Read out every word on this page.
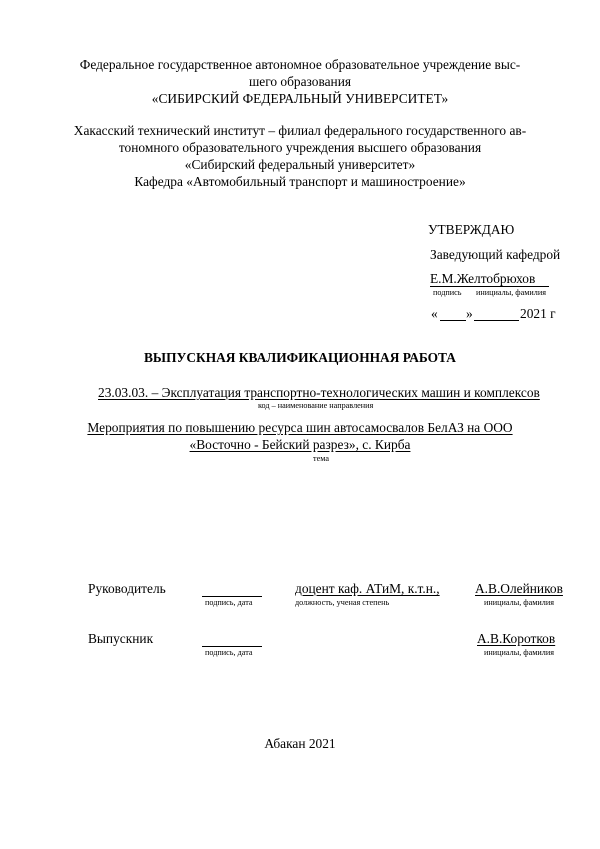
Федеральное государственное автономное образовательное учреждение выс-
шего образования
«СИБИРСКИЙ ФЕДЕРАЛЬНЫЙ УНИВЕРСИТЕТ»
Хакасский технический институт – филиал федерального государственного ав-
тономного образовательного учреждения высшего образования
«Сибирский федеральный университет»
Кафедра «Автомобильный транспорт и машиностроение»
УТВЕРЖДАЮ
Заведующий кафедрой
Е.М.Желтобрюхов
подпись инициалы, фамилия
« »	2021 г
ВЫПУСКНАЯ КВАЛИФИКАЦИОННАЯ РАБОТА
23.03.03. – Эксплуатация транспортно-технологических машин и комплексов
код – наименование направления
Мероприятия по повышению ресурса шин автосамосвалов БелАЗ на ООО
«Восточно - Бейский разрез», с. Кирба
тема
Руководитель
подпись, дата
доцент каф. АТиМ, к.т.н.,
должность, ученая степень
А.В.Олейников
инициалы, фамилия
Выпускник
подпись, дата
А.В.Коротков
инициалы, фамилия
Абакан 2021
